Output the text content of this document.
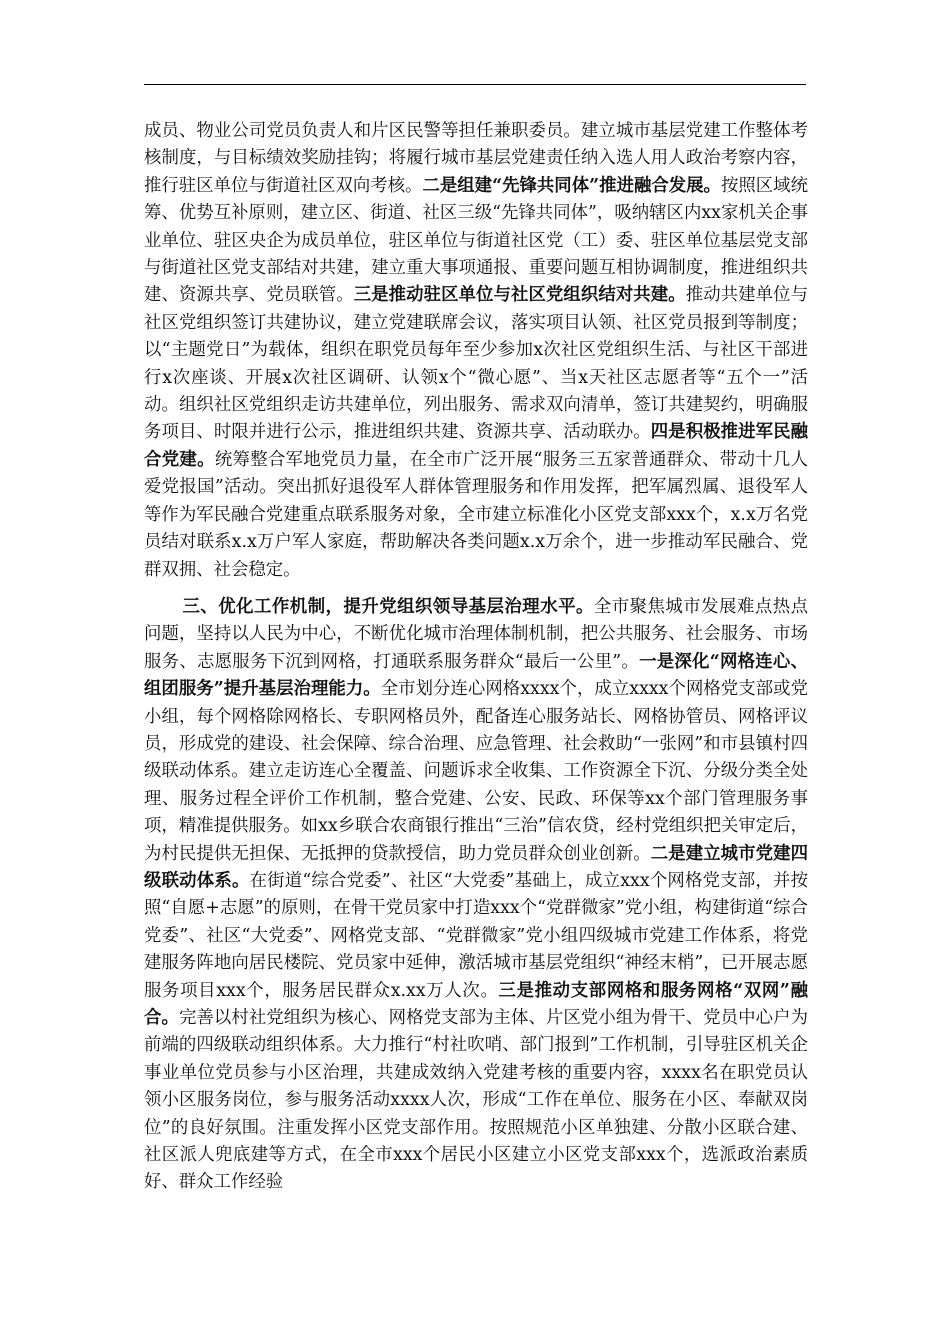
成员、物业公司党员负责人和片区民警等担任兼职委员。建立城市基层党建工作整体考核制度，与目标绩效奖励挂钩；将履行城市基层党建责任纳入选人用人政治考察内容，推行驻区单位与街道社区双向考核。二是组建“先锋共同体”推进融合发展。按照区域统筹、优势互补原则，建立区、街道、社区三级“先锋共同体”，吸纳辖区内xx家机关企事业单位、驻区央企为成员单位，驻区单位与街道社区党（工）委、驻区单位基层党支部与街道社区党支部结对共建，建立重大事项通报、重要问题互相协调制度，推进组织共建、资源共享、党员联管。三是推动驻区单位与社区党组织结对共建。推动共建单位与社区党组织签订共建协议，建立党建联席会议，落实项目认领、社区党员报到等制度；以“主题党日”为载体，组织在职党员每年至少参加x次社区党组织生活、与社区干部进行x次座谈、开展x次社区调研、认领x个“微心愿”、当x天社区志愿者等“五个一”活动。组织社区党组织走访共建单位，列出服务、需求双向清单，签订共建契约，明确服务项目、时限并进行公示，推进组织共建、资源共享、活动联办。四是积极推进军民融合党建。统筹整合军地党员力量，在全市广泛开展“服务三五家普通群众、带动十几人爱党报国”活动。突出抓好退役军人群体管理服务和作用发挥，把军属烈属、退役军人等作为军民融合党建重点联系服务对象，全市建立标准化小区党支部xxx个，x.x万名党员结对联系x.x万户军人家庭，帮助解决各类问题x.x万余个，进一步推动军民融合、党群双拥、社会稳定。

三、优化工作机制，提升党组织领导基层治理水平。全市聚焦城市发展难点热点问题，坚持以人民为中心，不断优化城市治理体制机制，把公共服务、社会服务、市场服务、志愿服务下沉到网格，打通联系服务群众“最后一公里”。一是深化“网格连心、组团服务”提升基层治理能力。全市划分连心网格xxxx个，成立xxxx个网格党支部或党小组，每个网格除网格长、专职网格员外，配备连心服务站长、网格协管员、网格评议员，形成党的建设、社会保障、综合治理、应急管理、社会救助“一张网”和市县镇村四级联动体系。建立走访连心全覆盖、问题诉求全收集、工作资源全下沉、分级分类全处理、服务过程全评价工作机制，整合党建、公安、民政、环保等xx个部门管理服务事项，精准提供服务。如xx乡联合农商银行推出“三治”信农贷，经村党组织把关审定后，为村民提供无担保、无抵押的贷款授信，助力党员群众创业创新。二是建立城市党建四级联动体系。在街道“综合党委”、社区“大党委”基础上，成立xxx个网格党支部，并按照“自愿+志愿”的原则，在骨干党员家中打造xxx个“党群微家”党小组，构建街道“综合党委”、社区“大党委”、网格党支部、“党群微家”党小组四级城市党建工作体系，将党建服务阵地向居民楼院、党员家中延伸，激活城市基层党组织“神经末梢”，已开展志愿服务项目xxx个，服务居民群众x.xx万人次。三是推动支部网格和服务网格“双网”融合。完善以村社党组织为核心、网格党支部为主体、片区党小组为骨干、党员中心户为前端的四级联动组织体系。大力推行“村社吹哨、部门报到”工作机制，引导驻区机关企事业单位党员参与小区治理，共建成效纳入党建考核的重要内容，xxxx名在职党员认领小区服务岗位，参与服务活动xxxx人次，形成“工作在单位、服务在小区、奉献双岗位”的良好氛围。注重发挥小区党支部作用。按照规范小区单独建、分散小区联合建、社区派人兜底建等方式，在全市xxx个居民小区建立小区党支部xxx个，选派政治素质好、群众工作经验
